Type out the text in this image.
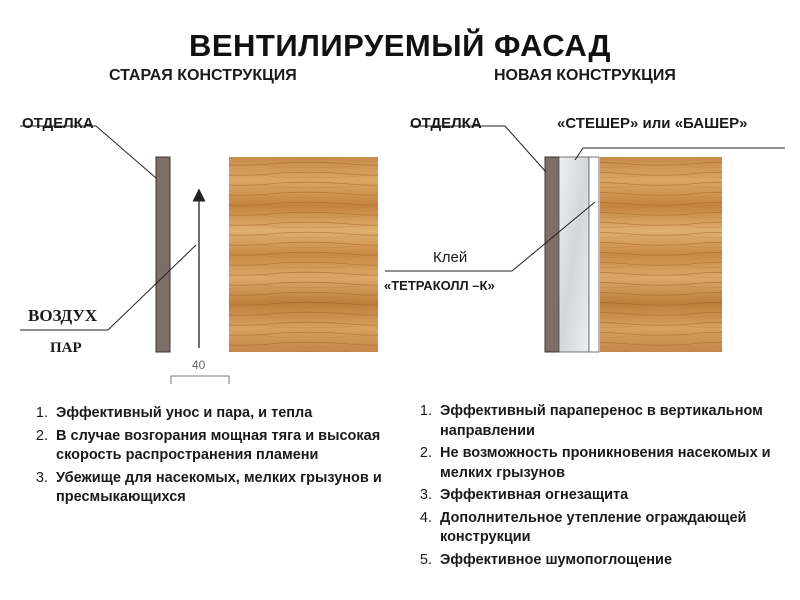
ВЕНТИЛИРУЕМЫЙ ФАСАД
СТАРАЯ КОНСТРУКЦИЯ	НОВАЯ КОНСТРУКЦИЯ
ОТДЕЛКА
ВОЗДУХ
ПАР
40
ОТДЕЛКА	«СТЕШЕР» или «БАШЕР»
Клей
«ТЕТРАКОЛЛ –К»
1. Эффективный унос и пара, и тепла
2. В случае возгорания мощная тяга и высокая скорость распространения пламени
3. Убежище для насекомых, мелких грызунов и пресмыкающихся
1. Эффективный параперенос в вертикальном направлении
2. Не возможность проникновения насекомых и мелких грызунов
3. Эффективная огнезащита
4. Дополнительное утепление ограждающей конструкции
5. Эффективное шумопоглощение
